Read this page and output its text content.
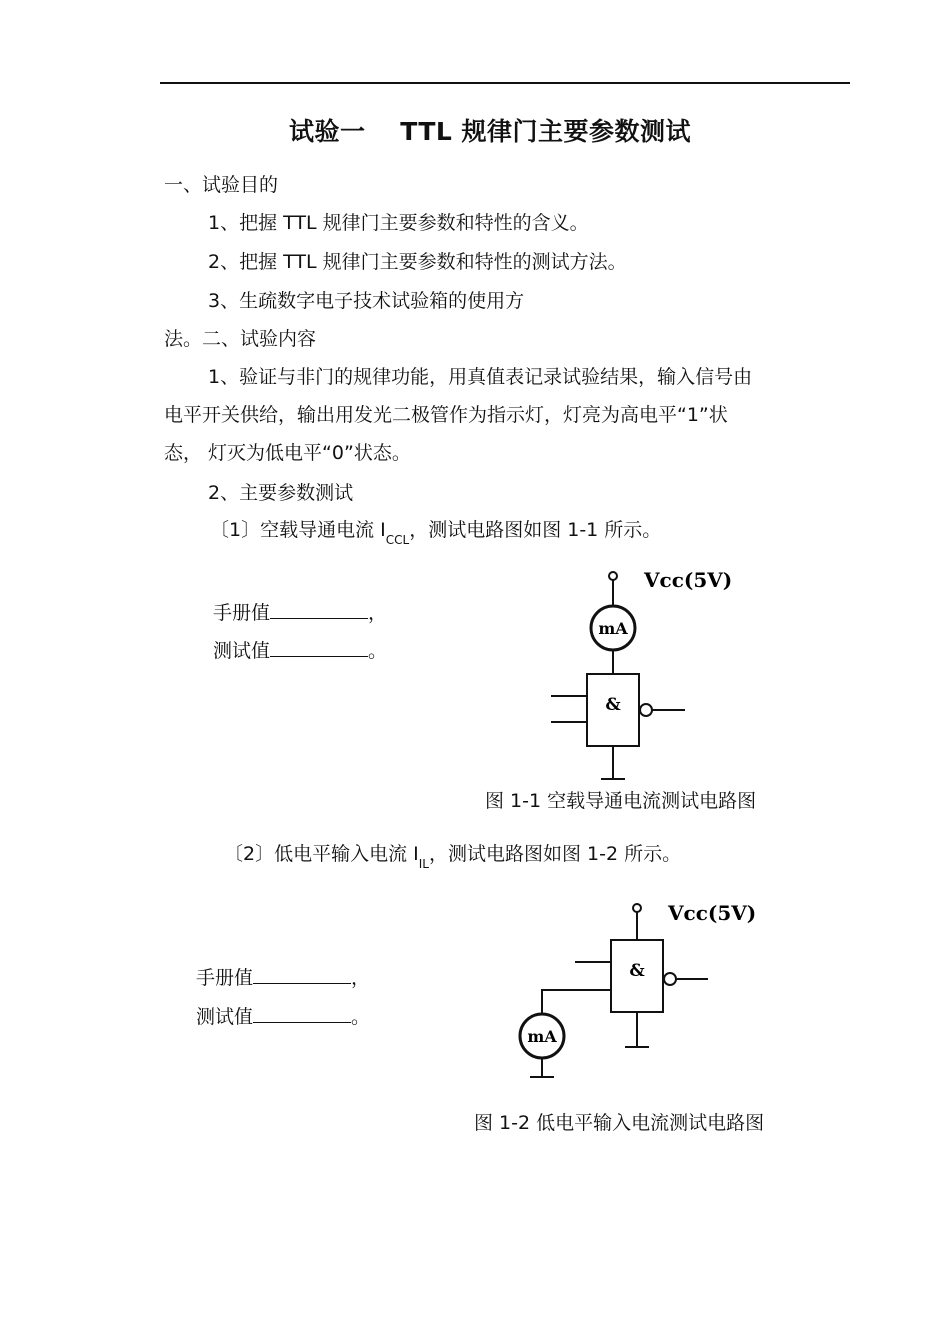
试验一　 TTL 规律门主要参数测试
一、试验目的
1、把握 TTL 规律门主要参数和特性的含义。
2、把握 TTL 规律门主要参数和特性的测试方法。
3、生疏数字电子技术试验箱的使用方
法。二、试验内容
1、验证与非门的规律功能，用真值表记录试验结果，输入信号由
电平开关供给，输出用发光二极管作为指示灯，灯亮为高电平“1”状
态， 灯灭为低电平“0”状态。
2、主要参数测试
〔1〕空载导通电流 $I_{CCL}$，测试电路图如图 1-1 所示。
手册值	，
测试值	。
Vcc(5V)
mA
&
图 1-1 空载导通电流测试电路图
〔2〕低电平输入电流 $I_{IL}$，测试电路图如图 1-2 所示。
手册值	，
测试值	。
Vcc(5V)
&
mA
图 1-2 低电平输入电流测试电路图
